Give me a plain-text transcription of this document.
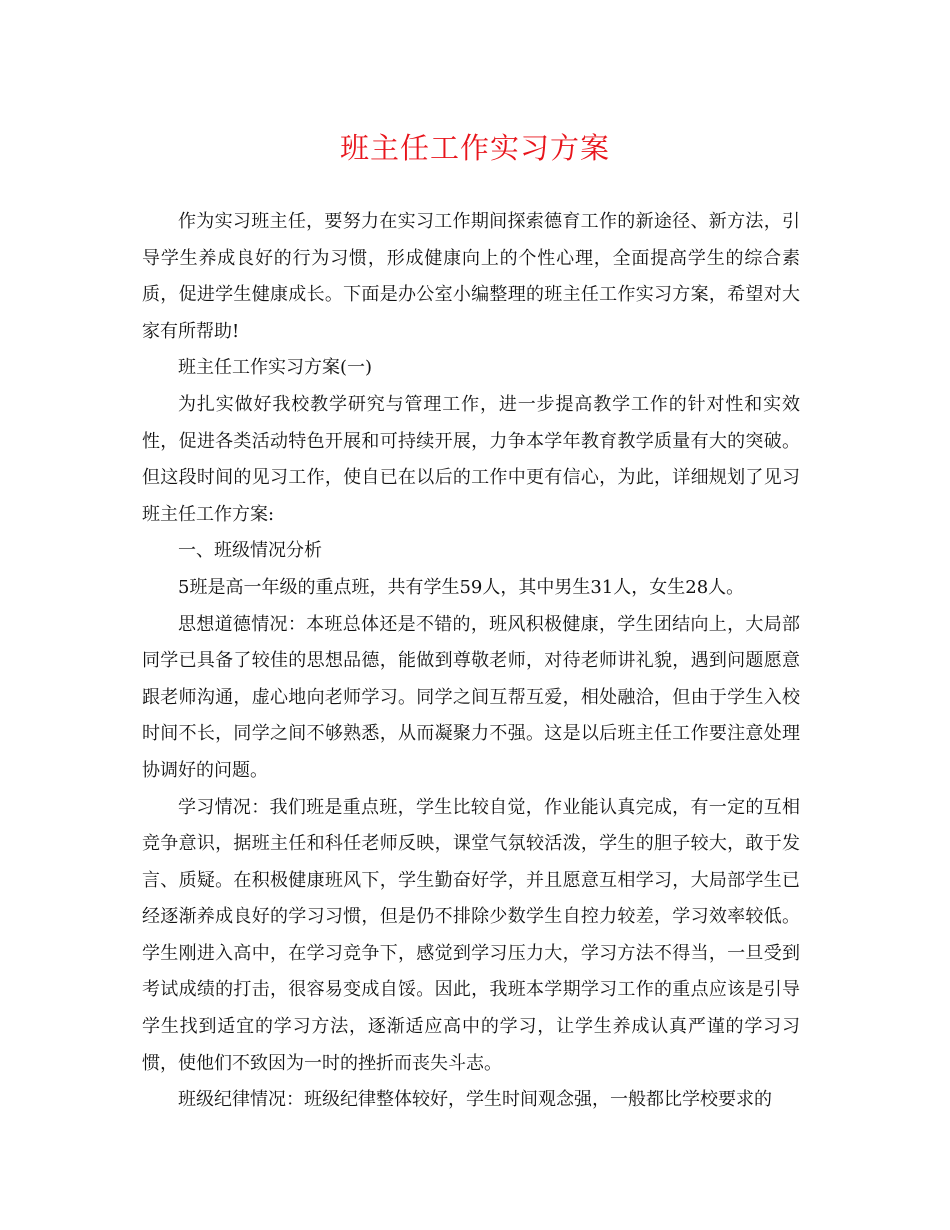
班主任工作实习方案

作为实习班主任，要努力在实习工作期间探索德育工作的新途径、新方法，引导学生养成良好的行为习惯，形成健康向上的个性心理，全面提高学生的综合素质，促进学生健康成长。下面是办公室小编整理的班主任工作实习方案，希望对大家有所帮助!

班主任工作实习方案(一)

为扎实做好我校教学研究与管理工作，进一步提高教学工作的针对性和实效性，促进各类活动特色开展和可持续开展，力争本学年教育教学质量有大的突破。但这段时间的见习工作，使自已在以后的工作中更有信心，为此，详细规划了见习班主任工作方案:

一、班级情况分析

5班是高一年级的重点班，共有学生59人，其中男生31人，女生28人。

思想道德情况：本班总体还是不错的，班风积极健康，学生团结向上，大局部同学已具备了较佳的思想品德，能做到尊敬老师，对待老师讲礼貌，遇到问题愿意跟老师沟通，虚心地向老师学习。同学之间互帮互爱，相处融洽，但由于学生入校时间不长，同学之间不够熟悉，从而凝聚力不强。这是以后班主任工作要注意处理协调好的问题。

学习情况：我们班是重点班，学生比较自觉，作业能认真完成，有一定的互相竞争意识，据班主任和科任老师反映，课堂气氛较活泼，学生的胆子较大，敢于发言、质疑。在积极健康班风下，学生勤奋好学，并且愿意互相学习，大局部学生已经逐渐养成良好的学习习惯，但是仍不排除少数学生自控力较差，学习效率较低。学生刚进入高中，在学习竞争下，感觉到学习压力大，学习方法不得当，一旦受到考试成绩的打击，很容易变成自馁。因此，我班本学期学习工作的重点应该是引导学生找到适宜的学习方法，逐渐适应高中的学习，让学生养成认真严谨的学习习惯，使他们不致因为一时的挫折而丧失斗志。

班级纪律情况：班级纪律整体较好，学生时间观念强，一般都比学校要求的
